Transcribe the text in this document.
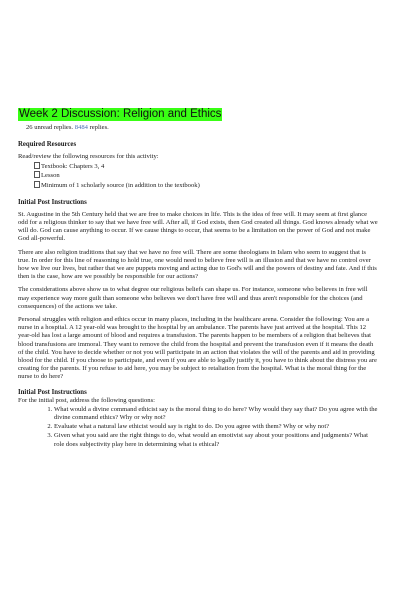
Week 2 Discussion: Religion and Ethics
26 unread replies. 8484 replies.
Required Resources

Read/review the following resources for this activity:

Textbook: Chapters 3, 4
Lesson
Minimum of 1 scholarly source (in addition to the textbook)
Initial Post Instructions

St. Augustine in the 5th Century held that we are free to make choices in life. This is the idea of free will. It may seem at first glance odd for a religious thinker to say that we have free will. After all, if God exists, then God created all things. God knows already what we will do. God can cause anything to occur. If we cause things to occur, that seems to be a limitation on the power of God and not make God all-powerful.

There are also religion traditions that say that we have no free will. There are some theologians in Islam who seem to suggest that is true. In order for this line of reasoning to hold true, one would need to believe free will is an illusion and that we have no control over how we live our lives, but rather that we are puppets moving and acting due to God's will and the powers of destiny and fate. And if this then is the case, how are we possibly be responsible for our actions?

The considerations above show us to what degree our religious beliefs can shape us. For instance, someone who believes in free will may experience way more guilt than someone who believes we don't have free will and thus aren't responsible for the choices (and consequences) of the actions we take.

Personal struggles with religion and ethics occur in many places, including in the healthcare arena. Consider the following: You are a nurse in a hospital. A 12 year-old was brought to the hospital by an ambulance. The parents have just arrived at the hospital. This 12 year-old has lost a large amount of blood and requires a transfusion. The parents happen to be members of a religion that believes that blood transfusions are immoral. They want to remove the child from the hospital and prevent the transfusion even if it means the death of the child. You have to decide whether or not you will participate in an action that violates the will of the parents and aid in providing blood for the child. If you choose to participate, and even if you are able to legally justify it, you have to think about the distress you are creating for the parents. If you refuse to aid here, you may be subject to retaliation from the hospital. What is the moral thing for the nurse to do here?

Initial Post Instructions

For the initial post, address the following questions:

1. What would a divine command ethicist say is the moral thing to do here? Why would they say that? Do you agree with the divine command ethics? Why or why not?
2. Evaluate what a natural law ethicist would say is right to do. Do you agree with them? Why or why not?
3. Given what you said are the right things to do, what would an emotivist say about your positions and judgments? What role does subjectivity play here in determining what is ethical?
